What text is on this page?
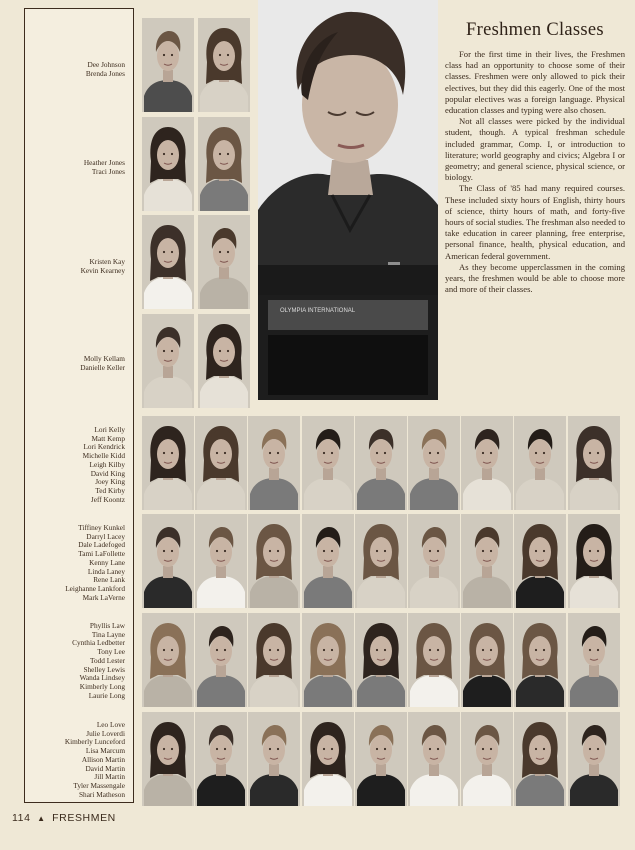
Dee Johnson
Brenda Jones
Heather Jones
Traci Jones
Kristen Kay
Kevin Kearney
Molly Kellam
Danielle Keller
Lori Kelly
Matt Kemp
Lori Kendrick
Michelle Kidd
Leigh Kilby
David King
Joey King
Ted Kirby
Jeff Koontz
Tiffiney Kunkel
Darryl Lacey
Dale Ladefoged
Tami LaFollette
Kenny Lane
Linda Laney
Rene Lank
Leighanne Lankford
Mark LaVerne
Phyllis Law
Tina Layne
Cynthia Ledbetter
Tony Lee
Todd Lester
Shelley Lewis
Wanda Lindsey
Kimberly Long
Laurie Long
Leo Love
Julie Loverdi
Kimberly Lunceford
Lisa Marcum
Allison Martin
David Martin
Jill Martin
Tyler Massengale
Shari Matheson
OLYMPIA INTERNATIONAL
Freshmen Classes

For the first time in their lives, the Freshmen class had an opportunity to choose some of their classes. Freshmen were only allowed to pick their electives, but they did this eagerly. One of the most popular electives was a foreign language. Physical education classes and typing were also chosen.

Not all classes were picked by the individual student, though. A typical freshman schedule included grammar, Comp. I, or introduction to literature; world geography and civics; Algebra I or geometry; and general science, physical science, or biology.

The Class of '85 had many required courses. These included sixty hours of English, thirty hours of science, thirty hours of math, and forty-five hours of social studies. The freshman also needed to take education in career planning, free enterprise, personal finance, health, physical education, and American federal government.

As they become upperclassmen in the coming years, the freshmen would be able to choose more and more of their classes.

114 ▲ FRESHMEN
